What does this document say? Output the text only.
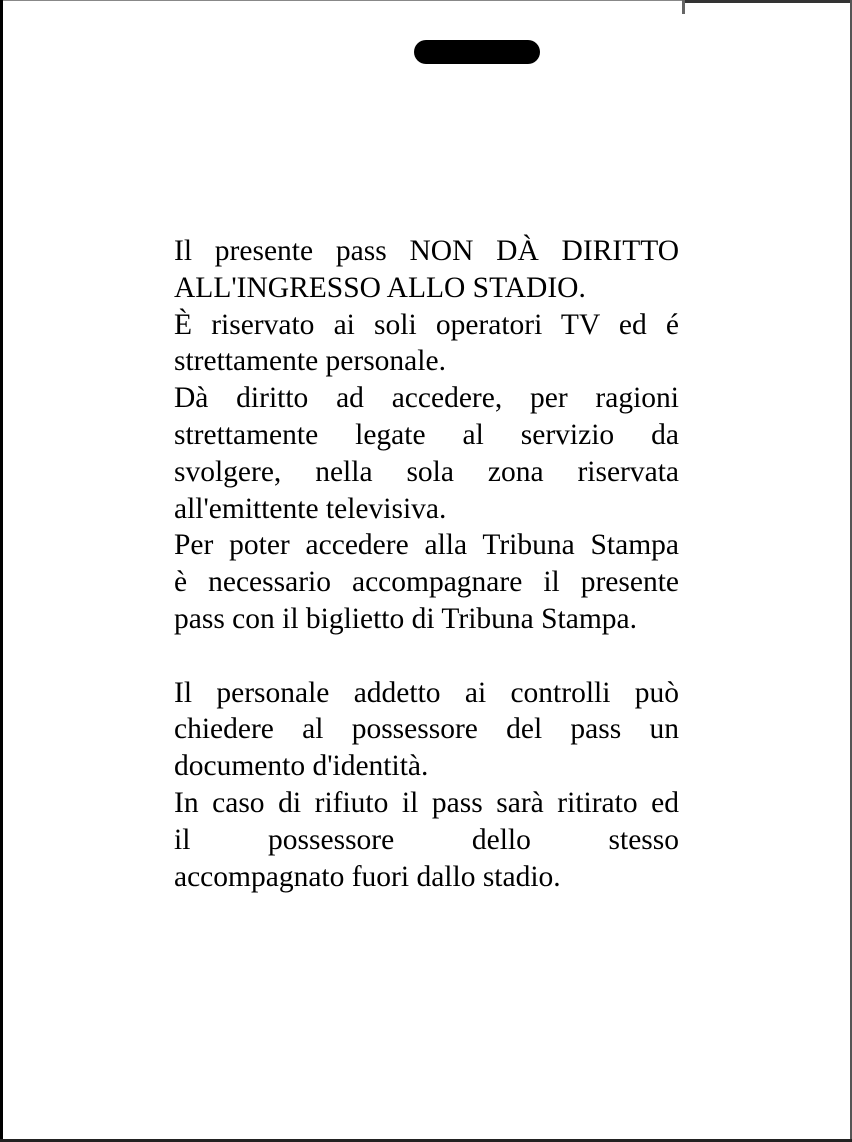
Il presente pass NON DÀ DIRITTO
ALL'INGRESSO ALLO STADIO.

È riservato ai soli operatori TV ed é
strettamente personale.

Dà diritto ad accedere, per ragioni
strettamente legate al servizio da
svolgere, nella sola zona riservata
all'emittente televisiva.

Per poter accedere alla Tribuna Stampa
è necessario accompagnare il presente
pass con il biglietto di Tribuna Stampa.

Il personale addetto ai controlli può
chiedere al possessore del pass un
documento d'identità.

In caso di rifiuto il pass sarà ritirato ed
il possessore dello stesso
accompagnato fuori dallo stadio.
